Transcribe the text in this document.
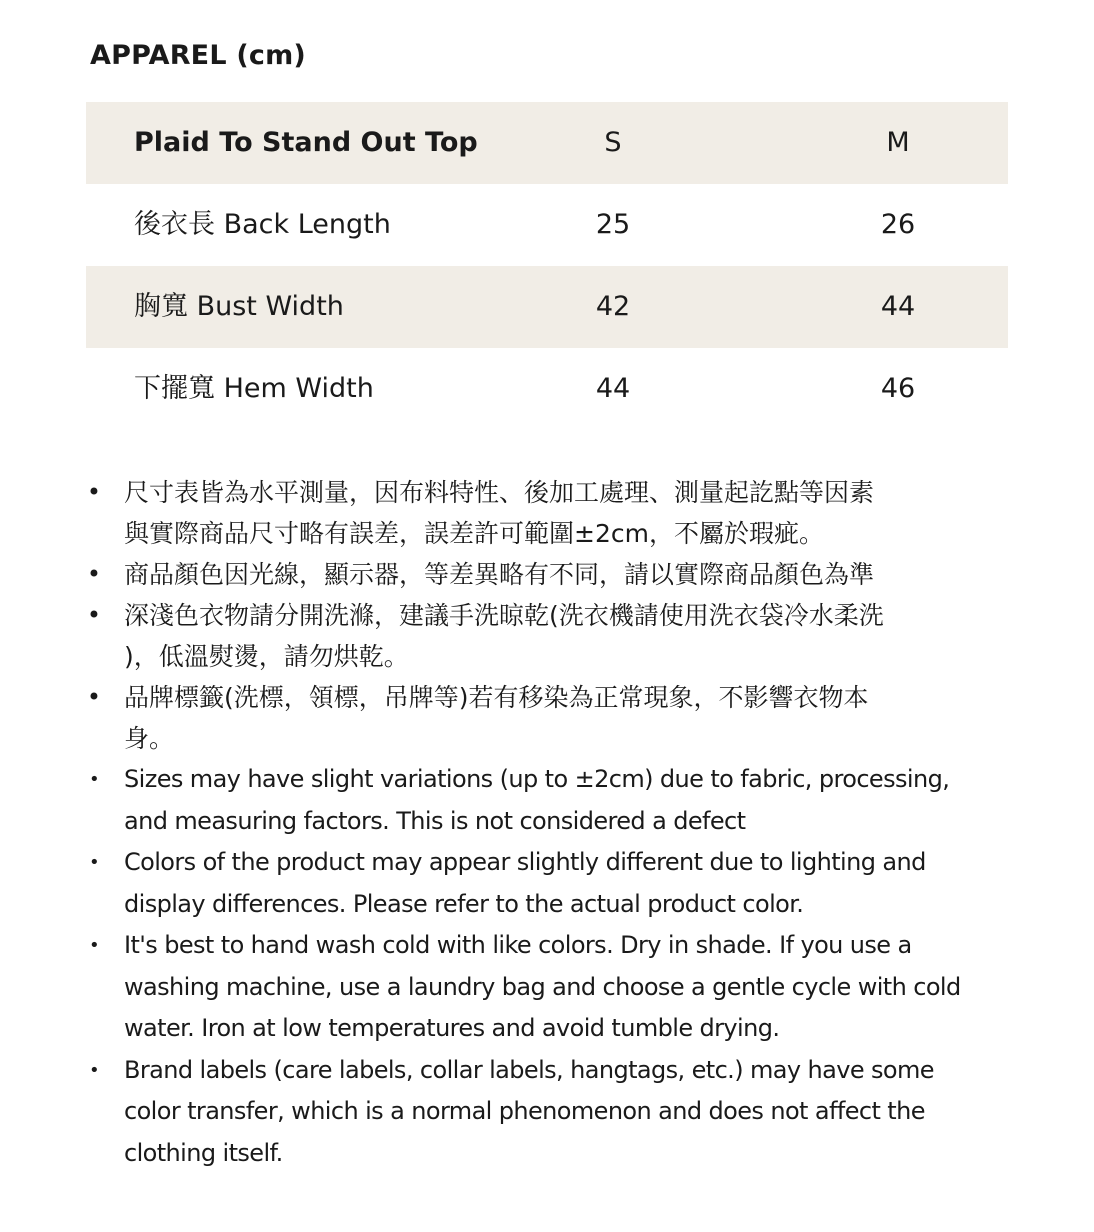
APPAREL (cm)
Plaid To Stand Out Top	S	M
後衣長 Back Length	25	26
胸寬 Bust Width	42	44
下擺寬 Hem Width	44	46
• 尺寸表皆為水平測量，因布料特性、後加工處理、測量起訖點等因素
與實際商品尺寸略有誤差，誤差許可範圍±2cm，不屬於瑕疵。
• 商品顏色因光線，顯示器，等差異略有不同，請以實際商品顏色為準
• 深淺色衣物請分開洗滌，建議手洗晾乾(洗衣機請使用洗衣袋冷水柔洗
)，低溫熨燙，請勿烘乾。
• 品牌標籤(洗標，領標，吊牌等)若有移染為正常現象，不影響衣物本
身。
• Sizes may have slight variations (up to ±2cm) due to fabric, processing,
and measuring factors. This is not considered a defect
• Colors of the product may appear slightly different due to lighting and
display differences. Please refer to the actual product color.
• It's best to hand wash cold with like colors. Dry in shade. If you use a
washing machine, use a laundry bag and choose a gentle cycle with cold
water. Iron at low temperatures and avoid tumble drying.
• Brand labels (care labels, collar labels, hangtags, etc.) may have some
color transfer, which is a normal phenomenon and does not affect the
clothing itself.
